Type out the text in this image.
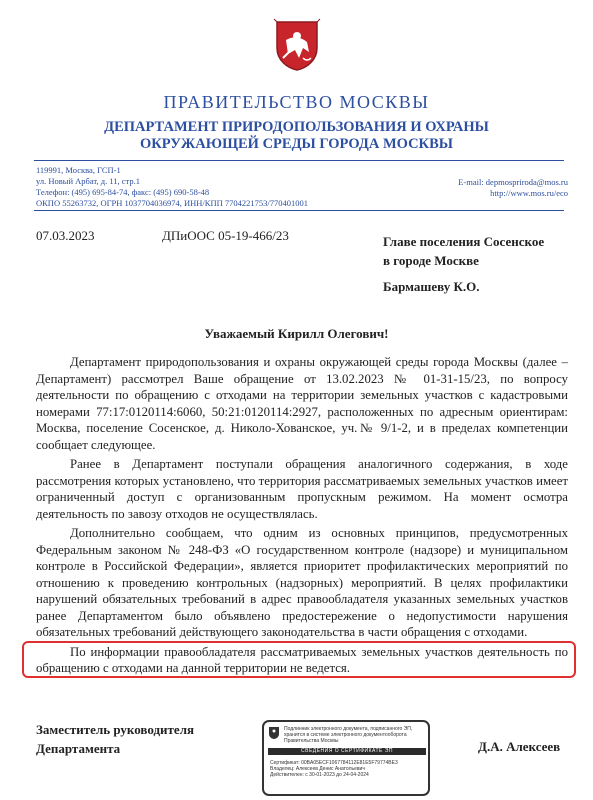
ПРАВИТЕЛЬСТВО МОСКВЫ
ДЕПАРТАМЕНТ ПРИРОДОПОЛЬЗОВАНИЯ И ОХРАНЫ
ОКРУЖАЮЩЕЙ СРЕДЫ ГОРОДА МОСКВЫ
119991, Москва, ГСП-1
ул. Новый Арбат, д. 11, стр.1
Телефон: (495) 695-84-74, факс: (495) 690-58-48
ОКПО 55263732, ОГРН 1037704036974, ИНН/КПП 7704221753/770401001
E-mail: depmospriroda@mos.ru
http://www.mos.ru/eco
07.03.2023	ДПиООС 05-19-466/23	Главе поселения Сосенское
в городе Москве
Бармашеву К.О.
Уважаемый Кирилл Олегович!

Департамент природопользования и охраны окружающей среды города Москвы (далее – Департамент) рассмотрел Ваше обращение от 13.02.2023 № 01-31-15/23, по вопросу деятельности по обращению с отходами на территории земельных участков с кадастровыми номерами 77:17:0120114:6060, 50:21:0120114:2927, расположенных по адресным ориентирам: Москва, поселение Сосенское, д. Николо-Хованское, уч.№ 9/1-2, и в пределах компетенции сообщает следующее.

Ранее в Департамент поступали обращения аналогичного содержания, в ходе рассмотрения которых установлено, что территория рассматриваемых земельных участков имеет ограниченный доступ с организованным пропускным режимом. На момент осмотра деятельность по завозу отходов не осуществлялась.

Дополнительно сообщаем, что одним из основных принципов, предусмотренных Федеральным законом № 248-ФЗ «О государственном контроле (надзоре) и муниципальном контроле в Российской Федерации», является приоритет профилактических мероприятий по отношению к проведению контрольных (надзорных) мероприятий. В целях профилактики нарушений обязательных требований в адрес правообладателя указанных земельных участков ранее Департаментом было объявлено предостережение о недопустимости нарушения обязательных требований действующего законодательства в части обращения с отходами.

По информации правообладателя рассматриваемых земельных участков деятельность по обращению с отходами на данной территории не ведется.

Заместитель руководителя
Департамента
Подлинник электронного документа, подписанного ЭП,
хранится в системе электронного документооборота
Правительства Москвы
СВЕДЕНИЯ О СЕРТИФИКАТЕ ЭП
Сертификат: 00BA05ECF1067784112E81E5F79774BE3
Владелец: Алексеев Денис Анатольевич
Действителен: с 30-01-2023 до 24-04-2024
Д.А. Алексеев
